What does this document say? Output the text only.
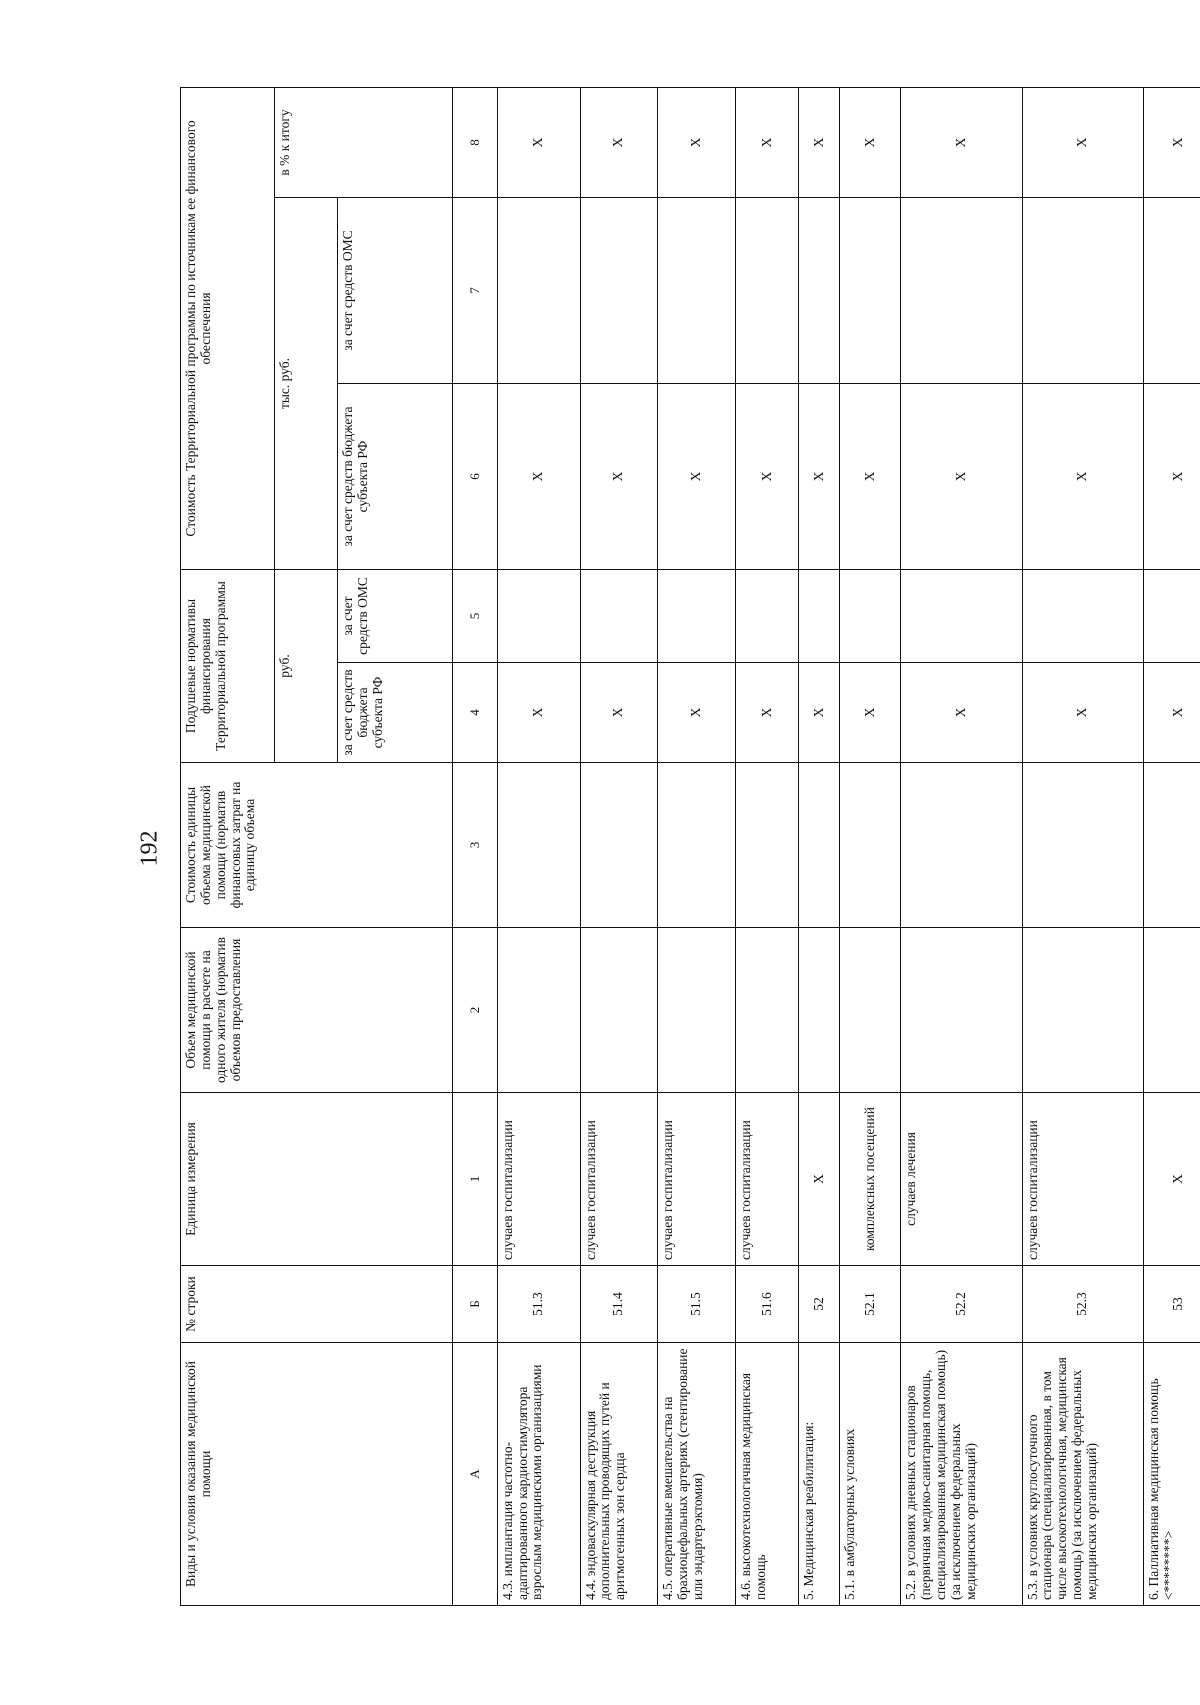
192
Виды и условия оказания медицинской помощи	№ строки	Единица измерения	Объем медицинской помощи в расчете на одного жителя (норматив объемов предоставления	Стоимость единицы объема медицинской помощи (норматив финансовых затрат на единицу объема	Подушевые нормативы финансирования Территориальной программы		Стоимость Территориальной программы по источникам ее финансового обеспечения		
					руб.		тыс. руб.		в % к итогу
					за счет средств бюджета субъекта РФ	за счет средств ОМС	за счет средств бюджета субъекта РФ	за счет средств ОМС	
А	Б	1	2	3	4	5	6	7	8
4.3. имплантация частотно-адаптированного кардиостимулятора взрослым медицинскими организациями	51.3	случаев госпитализации			X		X		X
4.4. эндоваскулярная деструкция дополнительных проводящих путей и аритмогенных зон сердца	51.4	случаев госпитализации			X		X		X
4.5. оперативные вмешательства на брахиоцефальных артериях (стентирование или эндартерэктомия)	51.5	случаев госпитализации			X		X		X
4.6. высокотехнологичная медицинская помощь	51.6	случаев госпитализации			X		X		X
5. Медицинская реабилитация:	52	X			X		X		X
5.1. в амбулаторных условиях	52.1	комплексных посещений			X		X		X
5.2. в условиях дневных стационаров (первичная медико-санитарная помощь, специализированная медицинская помощь) (за исключением федеральных медицинских организаций)	52.2	случаев лечения			X		X		X
5.3. в условиях круглосуточного стационара (специализированная, в том числе высокотехнологичная, медицинская помощь) (за исключением федеральных медицинских организаций)	52.3	случаев госпитализации			X		X		X
6. Паллиативная медицинская помощь <********>	53	X			X		X		X
